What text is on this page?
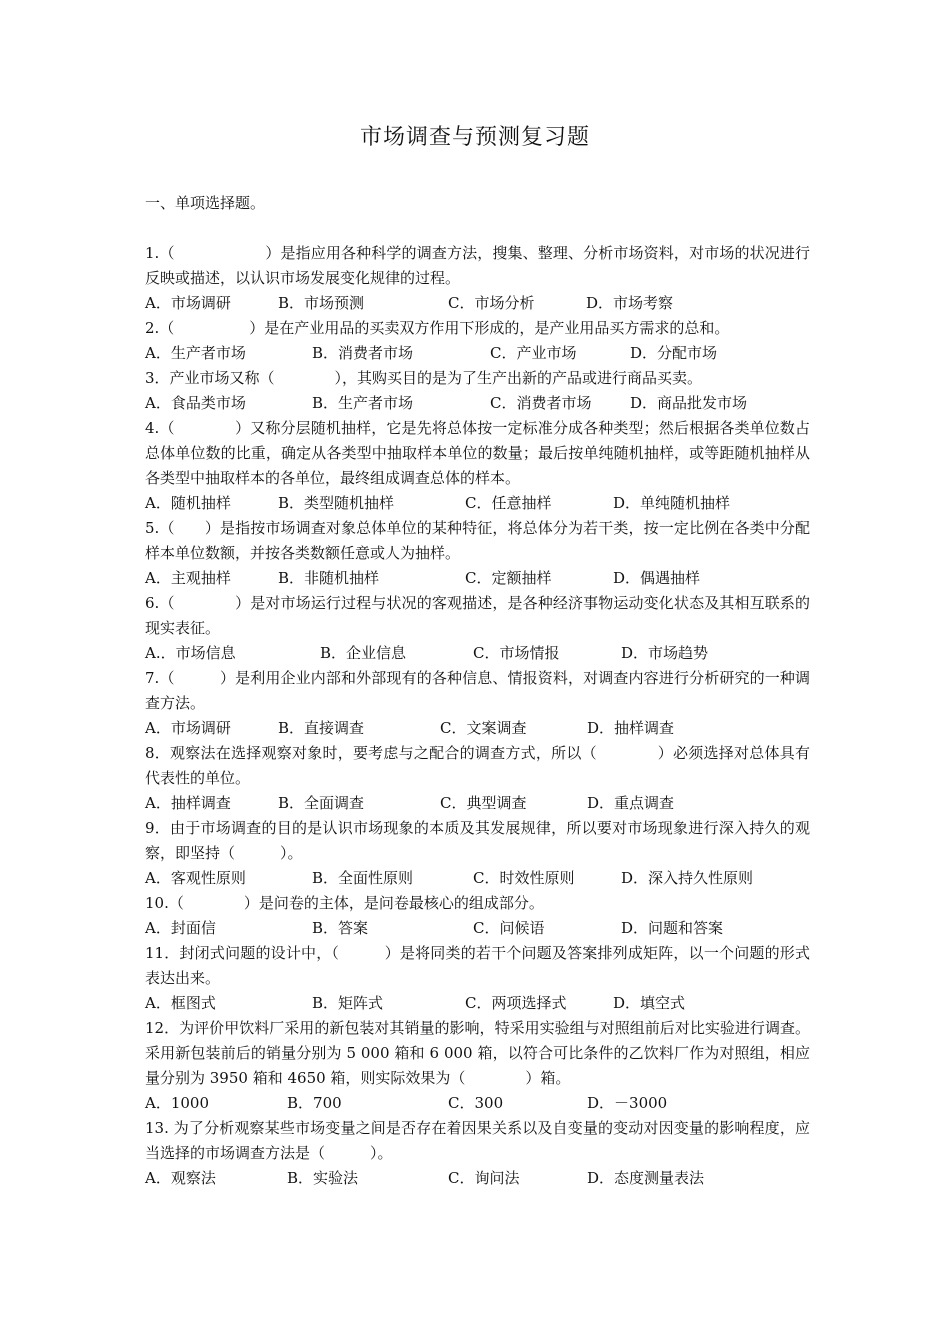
市场调查与预测复习题
一、单项选择题。

1.（　　　　　　）是指应用各种科学的调查方法，搜集、整理、分析市场资料，对市场的状况进行反映或描述，以认识市场发展变化规律的过程。

A．市场调研	B．市场预测	C．市场分析	D．市场考察

2.（　　　　　）是在产业用品的买卖双方作用下形成的，是产业用品买方需求的总和。

A．生产者市场	B．消费者市场	C．产业市场	D．分配市场

3．产业市场又称（　　　　），其购买目的是为了生产出新的产品或进行商品买卖。

A．食品类市场	B．生产者市场	C．消费者市场	D．商品批发市场

4.（　　　　）又称分层随机抽样，它是先将总体按一定标准分成各种类型；然后根据各类单位数占总体单位数的比重，确定从各类型中抽取样本单位的数量；最后按单纯随机抽样，或等距随机抽样从各类型中抽取样本的各单位，最终组成调查总体的样本。

A．随机抽样	B．类型随机抽样	C．任意抽样	D．单纯随机抽样

5.（　　）是指按市场调查对象总体单位的某种特征，将总体分为若干类，按一定比例在各类中分配样本单位数额，并按各类数额任意或人为抽样。

A．主观抽样	B．非随机抽样	C．定额抽样	D．偶遇抽样

6.（　　　　）是对市场运行过程与状况的客观描述，是各种经济事物运动变化状态及其相互联系的现实表征。

A.．市场信息	B．企业信息	C．市场情报	D．市场趋势

7.（　　　）是利用企业内部和外部现有的各种信息、情报资料，对调查内容进行分析研究的一种调查方法。

A．市场调研	B．直接调查	C．文案调查	D．抽样调查

8．观察法在选择观察对象时，要考虑与之配合的调查方式，所以（　　　　）必须选择对总体具有代表性的单位。

A．抽样调查	B．全面调查	C．典型调查	D．重点调查

9．由于市场调查的目的是认识市场现象的本质及其发展规律，所以要对市场现象进行深入持久的观察，即坚持（　　　）。

A．客观性原则	B．全面性原则	C．时效性原则	D．深入持久性原则

10.（　　　　）是问卷的主体，是问卷最核心的组成部分。

A．封面信	B．答案	C．问候语	D．问题和答案

11．封闭式问题的设计中，（　　　）是将同类的若干个问题及答案排列成矩阵，以一个问题的形式表达出来。

A．框图式	B．矩阵式	C．两项选择式	D．填空式

12．为评价甲饮料厂采用的新包装对其销量的影响，特采用实验组与对照组前后对比实验进行调查。采用新包装前后的销量分别为 5 000 箱和 6 000 箱，以符合可比条件的乙饮料厂作为对照组，相应量分别为 3950 箱和 4650 箱，则实际效果为（　　　　）箱。

A．1000	B．700	C．300	D．－3000

13. 为了分析观察某些市场变量之间是否存在着因果关系以及自变量的变动对因变量的影响程度，应当选择的市场调查方法是（　　　）。

A．观察法	B．实验法	C．询问法	D．态度测量表法
